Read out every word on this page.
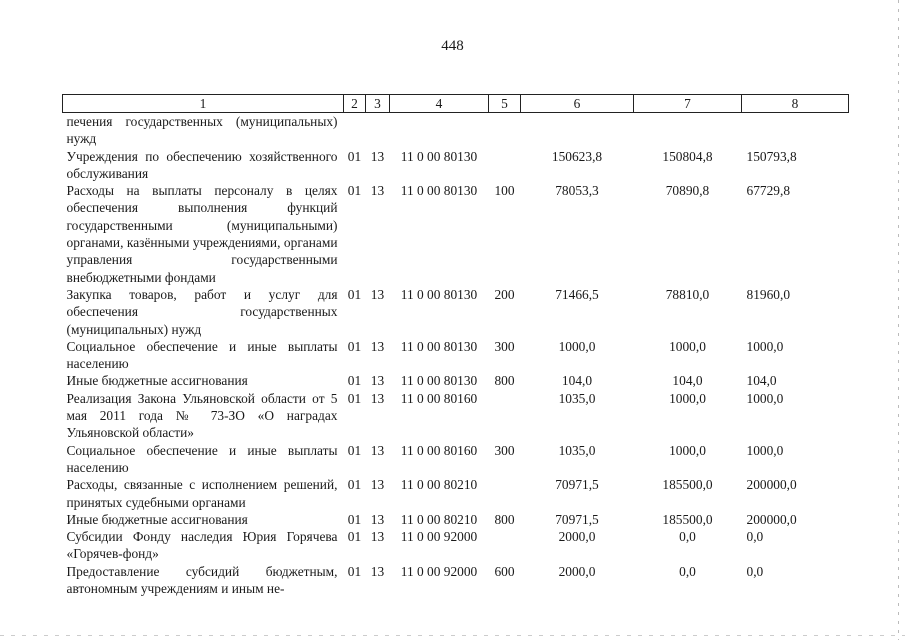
448
1	2	3	4	5	6	7	8
печения государственных (муниципальных) нужд							
Учреждения по обеспечению хозяйственного обслуживания	01	13	11 0 00 80130		150623,8	150804,8	150793,8
Расходы на выплаты персоналу в целях обеспечения выполнения функций государственными (муниципальными) органами, казёнными учреждениями, органами управления государственными внебюджетными фондами	01	13	11 0 00 80130	100	78053,3	70890,8	67729,8
Закупка товаров, работ и услуг для обеспечения государственных (муниципальных) нужд	01	13	11 0 00 80130	200	71466,5	78810,0	81960,0
Социальное обеспечение и иные выплаты населению	01	13	11 0 00 80130	300	1000,0	1000,0	1000,0
Иные бюджетные ассигнования	01	13	11 0 00 80130	800	104,0	104,0	104,0
Реализация Закона Ульяновской области от 5 мая 2011 года № 73-ЗО «О наградах Ульяновской области»	01	13	11 0 00 80160		1035,0	1000,0	1000,0
Социальное обеспечение и иные выплаты населению	01	13	11 0 00 80160	300	1035,0	1000,0	1000,0
Расходы, связанные с исполнением решений, принятых судебными органами	01	13	11 0 00 80210		70971,5	185500,0	200000,0
Иные бюджетные ассигнования	01	13	11 0 00 80210	800	70971,5	185500,0	200000,0
Субсидии Фонду наследия Юрия Горячева «Горячев-фонд»	01	13	11 0 00 92000		2000,0	0,0	0,0
Предоставление субсидий бюджетным, автономным учреждениям и иным не-	01	13	11 0 00 92000	600	2000,0	0,0	0,0
